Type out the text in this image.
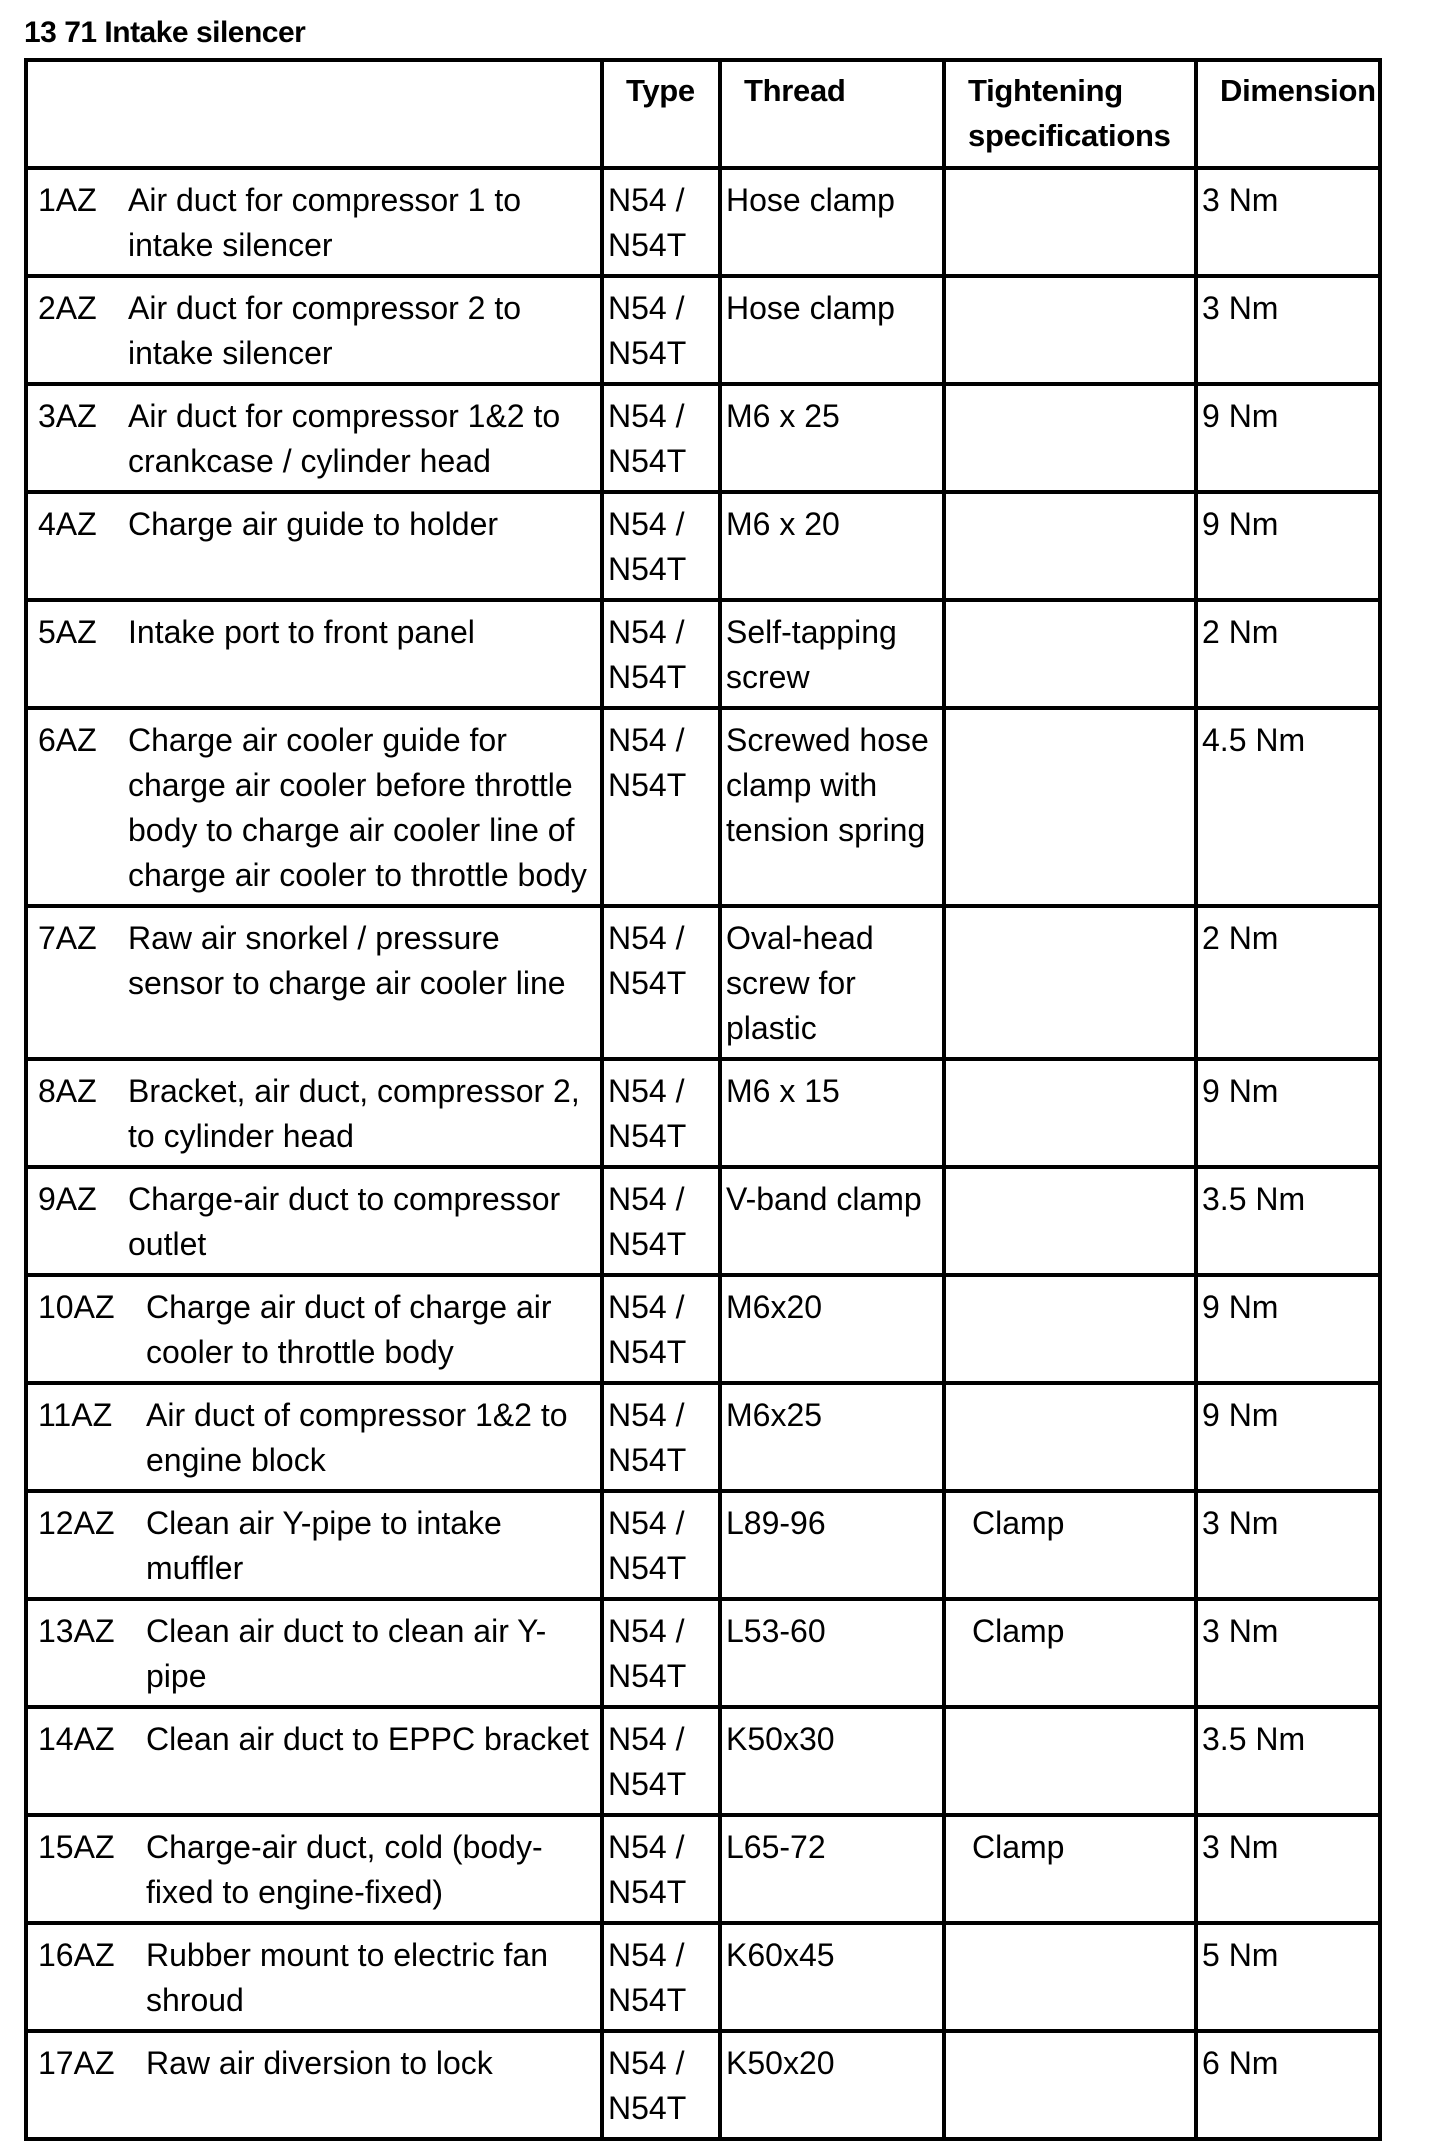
13 71 Intake silencer
	Type	Thread	Tightening
specifications	Dimension

1AZ Air duct for compressor 1 to intake silencer	N54 /
N54T	Hose clamp		3 Nm

2AZ Air duct for compressor 2 to intake silencer	N54 /
N54T	Hose clamp		3 Nm

3AZ Air duct for compressor 1&2 to crankcase / cylinder head	N54 /
N54T	M6 x 25		9 Nm

4AZ Charge air guide to holder	N54 /
N54T	M6 x 20		9 Nm

5AZ Intake port to front panel	N54 /
N54T	Self-tapping screw		2 Nm

6AZ Charge air cooler guide for charge air cooler before throttle body to charge air cooler line of charge air cooler to throttle body	N54 /
N54T	Screwed hose clamp with tension spring		4.5 Nm

7AZ Raw air snorkel / pressure sensor to charge air cooler line	N54 /
N54T	Oval-head screw for plastic		2 Nm

8AZ Bracket, air duct, compressor 2, to cylinder head	N54 /
N54T	M6 x 15		9 Nm

9AZ Charge-air duct to compressor outlet	N54 /
N54T	V-band clamp		3.5 Nm

10AZ Charge air duct of charge air cooler to throttle body	N54 /
N54T	M6x20		9 Nm

11AZ Air duct of compressor 1&2 to engine block	N54 /
N54T	M6x25		9 Nm

12AZ Clean air Y-pipe to intake muffler	N54 /
N54T	L89-96	Clamp	3 Nm

13AZ Clean air duct to clean air Y-pipe	N54 /
N54T	L53-60	Clamp	3 Nm

14AZ Clean air duct to EPPC bracket	N54 /
N54T	K50x30		3.5 Nm

15AZ Charge-air duct, cold (body-fixed to engine-fixed)	N54 /
N54T	L65-72	Clamp	3 Nm

16AZ Rubber mount to electric fan shroud	N54 /
N54T	K60x45		5 Nm

17AZ Raw air diversion to lock	N54 /
N54T	K50x20		6 Nm
